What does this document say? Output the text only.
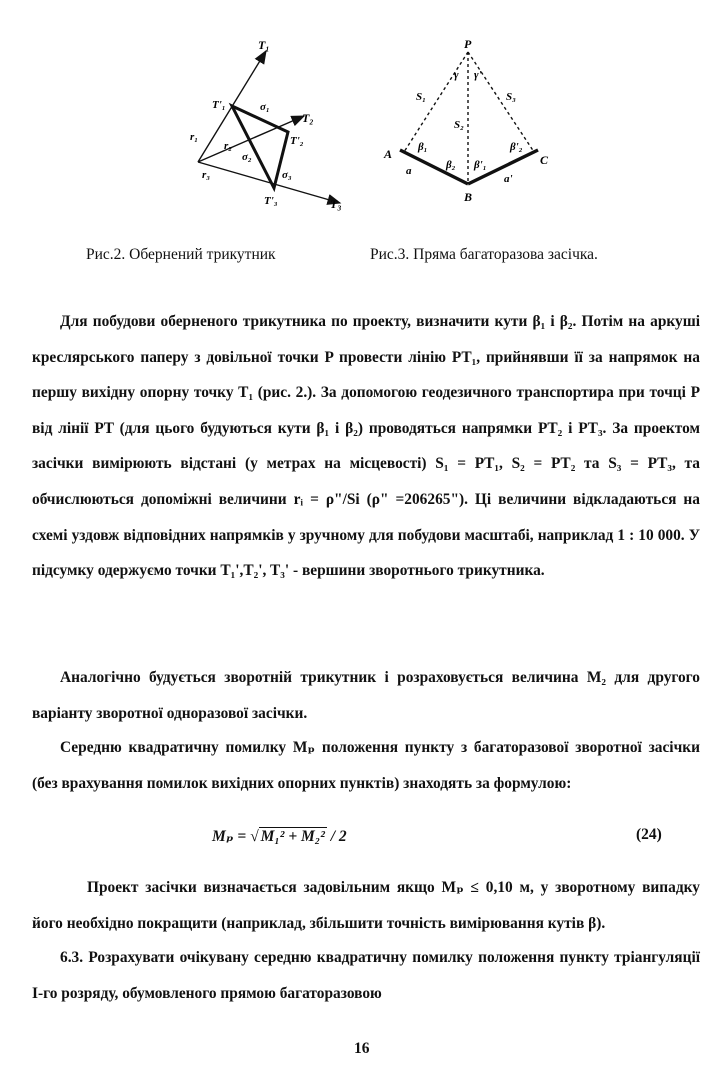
T₁
T₂
T₃
T'₁
T'₂
T'₃
r₁
r₂
r₃
σ₁
σ₂
σ₃
P
A
B
C
S₁
S₂
S₃
γ γ'
β₁
β₂ β'₁
β'₂
a
a'
Рис.2. Обернений трикутник	Рис.3. Пряма багаторазова засічка.

Для побудови оберненого трикутника по проекту, визначити кути β₁ і β₂. Потім на аркуші креслярського паперу з довільної точки P провести лінію PT₁, прийнявши її за напрямок на першу вихідну опорну точку T₁ (рис. 2.). За допомогою геодезичного транспортира при точці P від лінії PT (для цього будуються кути β₁ і β₂) проводяться напрямки PT₂ і PT₃. За проектом засічки вимірюють відстані (у метрах на місцевості) S₁ = PT₁, S₂ = PT₂ та S₃ = PT₃, та обчислюються допоміжні величини rᵢ = ρ"/Si (ρ" =206265"). Ці величини відкладаються на схемі уздовж відповідних напрямків у зручному для побудови масштабі, наприклад 1 : 10 000. У підсумку одержуємо точки T₁',T₂', T₃' - вершини зворотнього трикутника.

Аналогічно будується зворотній трикутник і розраховується величина M₂ для другого варіанту зворотної одноразової засічки.

Середню квадратичну помилку Mₚ положення пункту з багаторазової зворотної засічки (без врахування помилок вихідних опорних пунктів) знаходять за формулою:

Mₚ = √ M₁² + M₂² / 2	(24)

Проект засічки визначається задовільним якщо Mₚ ≤ 0,10 м, у зворотному випадку його необхідно покращити (наприклад, збільшити точність вимірювання кутів β).

6.3. Розрахувати очікувану середню квадратичну помилку положення пункту тріангуляції І-го розряду, обумовленого прямою багаторазовою

16
